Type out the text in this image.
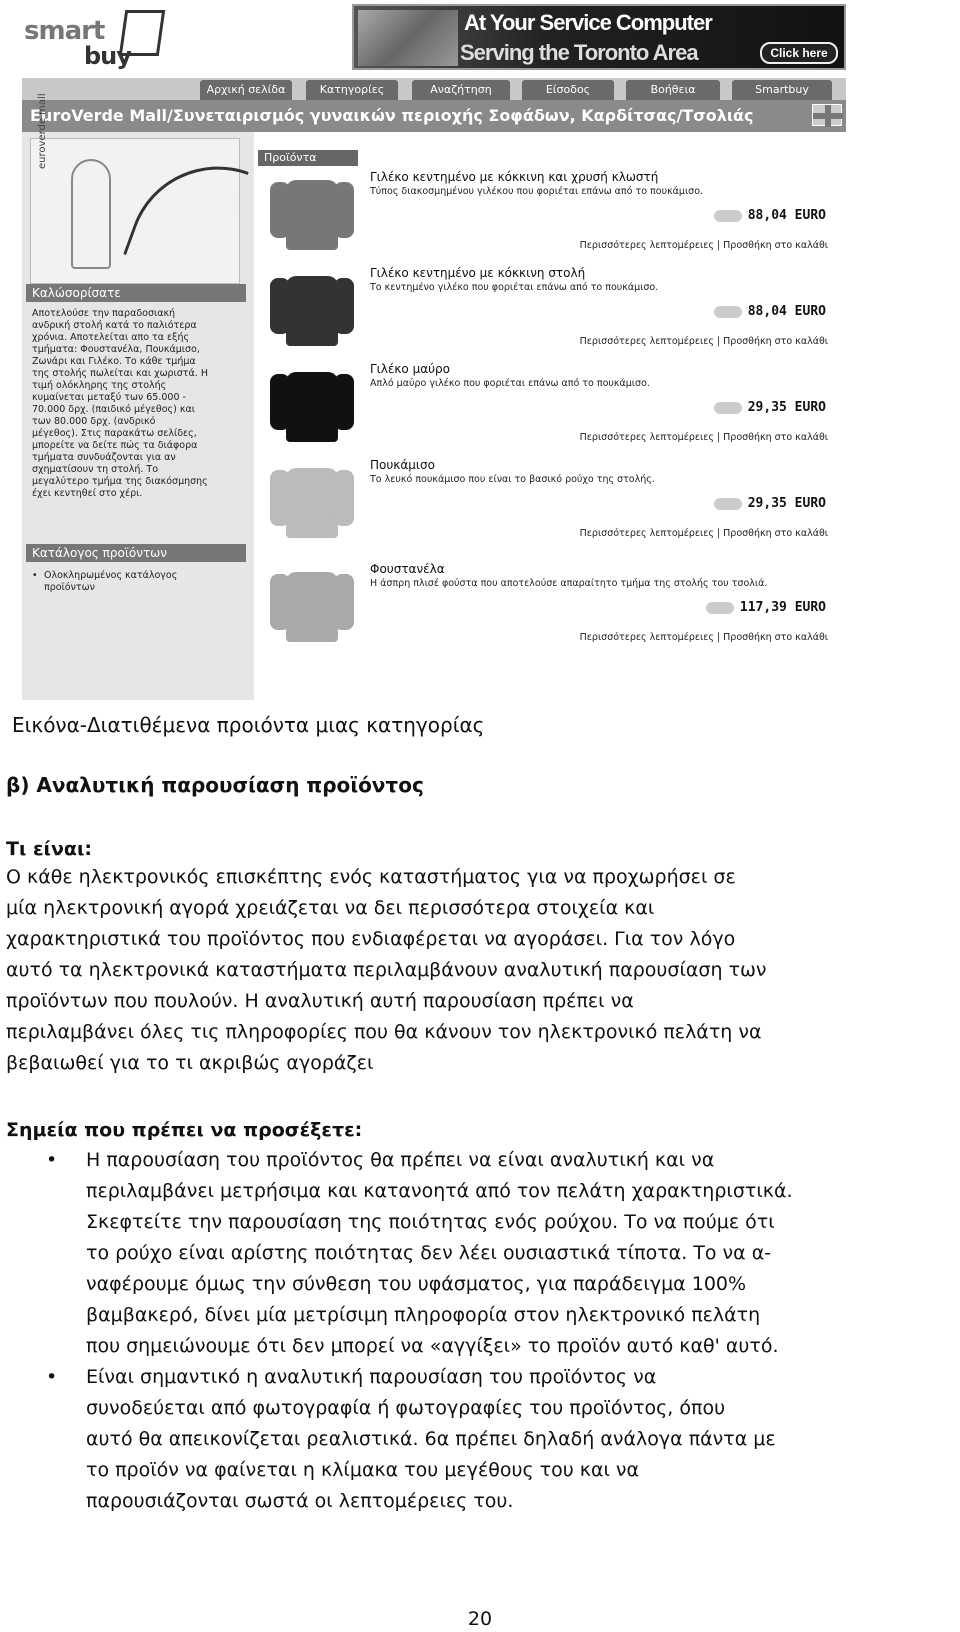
smart
buy
At Your Service Computer
Serving the Toronto Area	Click here
Αρχική σελίδα	Κατηγορίες	Αναζήτηση	Είσοδος	Βοήθεια	Smartbuy
EuroVerde Mall/Συνεταιρισμός γυναικών περιοχής Σοφάδων, Καρδίτσας/Τσολιάς
euroverde mall
Καλώσορίσατε
Αποτελούσε την παραδοσιακή
ανδρική στολή κατά το παλιότερα
χρόνια. Αποτελείται απο τα εξής
τμήματα: Φουστανέλα, Πουκάμισο,
Ζωνάρι και Γιλέκο. Το κάθε τμήμα
της στολής πωλείται και χωριστά. Η
τιμή ολόκληρης της στολής
κυμαίνεται μεταξύ των 65.000 -
70.000 δρχ. (παιδικό μέγεθος) και
των 80.000 δρχ. (ανδρικό
μέγεθος). Στις παρακάτω σελίδες,
μπορείτε να δείτε πώς τα διάφορα
τμήματα συνδυάζονται για αν
σχηματίσουν τη στολή. Το
μεγαλύτερο τμήμα της διακόσμησης
έχει κεντηθεί στο χέρι.
Κατάλογος προϊόντων
• Ολοκληρωμένος κατάλογος
προϊόντων
Προϊόντα
Γιλέκο κεντημένο με κόκκινη και χρυσή κλωστή
Τύπος διακοσμημένου γιλέκου που φοριέται επάνω από το πουκάμισο.
88,04 EURO
Περισσότερες λεπτομέρειες | Προσθήκη στο καλάθι
Γιλέκο κεντημένο με κόκκινη στολή
Το κεντημένο γιλέκο που φοριέται επάνω από το πουκάμισο.
88,04 EURO
Περισσότερες λεπτομέρειες | Προσθήκη στο καλάθι
Γιλέκο μαύρο
Απλό μαύρο γιλέκο που φοριέται επάνω από το πουκάμισο.
29,35 EURO
Περισσότερες λεπτομέρειες | Προσθήκη στο καλάθι
Πουκάμισο
Το λευκό πουκάμισο που είναι το βασικό ρούχο της στολής.
29,35 EURO
Περισσότερες λεπτομέρειες | Προσθήκη στο καλάθι
Φουστανέλα
Η άσπρη πλισέ φούστα που αποτελούσε απαραίτητο τμήμα της στολής του τσολιά.
117,39 EURO
Περισσότερες λεπτομέρειες | Προσθήκη στο καλάθι
Εικόνα-Διατιθέμενα προιόντα μιας κατηγορίας
β) Αναλυτική παρουσίαση προϊόντος
Τι είναι:
Ο κάθε ηλεκτρονικός επισκέπτης ενός καταστήματος για να προχωρήσει σε
μία ηλεκτρονική αγορά χρειάζεται να δει περισσότερα στοιχεία και
χαρακτηριστικά του προϊόντος που ενδιαφέρεται να αγοράσει. Για τον λόγο
αυτό τα ηλεκτρονικά καταστήματα περιλαμβάνουν αναλυτική παρουσίαση των
προϊόντων που πουλούν. Η αναλυτική αυτή παρουσίαση πρέπει να
περιλαμβάνει όλες τις πληροφορίες που θα κάνουν τον ηλεκτρονικό πελάτη να
βεβαιωθεί για το τι ακριβώς αγοράζει
Σημεία που πρέπει να προσέξετε:
• Η παρουσίαση του προϊόντος θα πρέπει να είναι αναλυτική και να
περιλαμβάνει μετρήσιμα και κατανοητά από τον πελάτη χαρακτηριστικά.
Σκεφτείτε την παρουσίαση της ποιότητας ενός ρούχου. Το να πούμε ότι
το ρούχο είναι αρίστης ποιότητας δεν λέει ουσιαστικά τίποτα. Το να α-
ναφέρουμε όμως την σύνθεση του υφάσματος, για παράδειγμα 100%
βαμβακερό, δίνει μία μετρίσιμη πληροφορία στον ηλεκτρονικό πελάτη
που σημειώνουμε ότι δεν μπορεί να «αγγίξει» το προϊόν αυτό καθ' αυτό.
• Είναι σημαντικό η αναλυτική παρουσίαση του προϊόντος να
συνοδεύεται από φωτογραφία ή φωτογραφίες του προϊόντος, όπου
αυτό θα απεικονίζεται ρεαλιστικά. 6α πρέπει δηλαδή ανάλογα πάντα με
το προϊόν να φαίνεται η κλίμακα του μεγέθους του και να
παρουσιάζονται σωστά οι λεπτομέρειες του.
20
